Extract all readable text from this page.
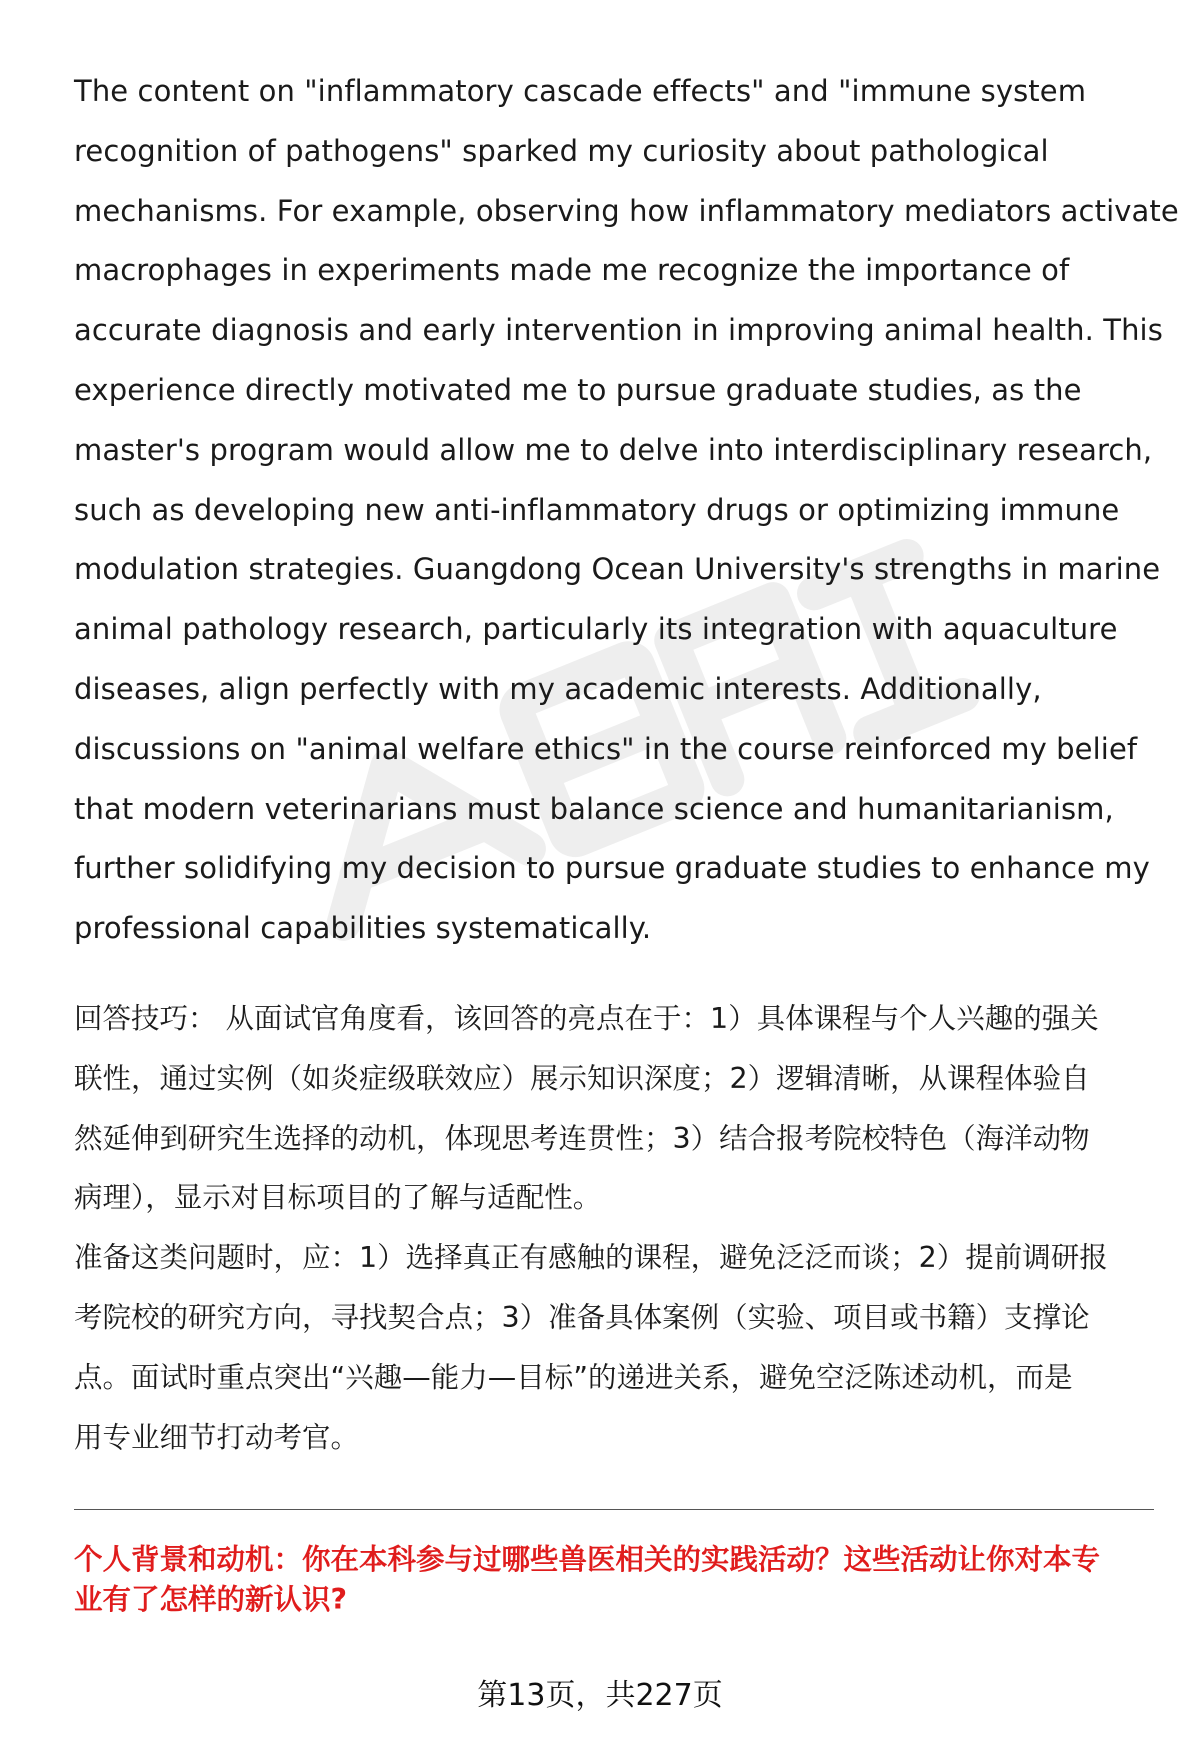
The content on "inflammatory cascade effects" and "immune system
recognition of pathogens" sparked my curiosity about pathological
mechanisms. For example, observing how inflammatory mediators activate
macrophages in experiments made me recognize the importance of
accurate diagnosis and early intervention in improving animal health. This
experience directly motivated me to pursue graduate studies, as the
master's program would allow me to delve into interdisciplinary research,
such as developing new anti-inflammatory drugs or optimizing immune
modulation strategies. Guangdong Ocean University's strengths in marine
animal pathology research, particularly its integration with aquaculture
diseases, align perfectly with my academic interests. Additionally,
discussions on "animal welfare ethics" in the course reinforced my belief
that modern veterinarians must balance science and humanitarianism,
further solidifying my decision to pursue graduate studies to enhance my
professional capabilities systematically.
回答技巧： 从面试官角度看，该回答的亮点在于：1）具体课程与个人兴趣的强关
联性，通过实例（如炎症级联效应）展示知识深度；2）逻辑清晰，从课程体验自
然延伸到研究生选择的动机，体现思考连贯性；3）结合报考院校特色（海洋动物
病理），显示对目标项目的了解与适配性。
准备这类问题时，应：1）选择真正有感触的课程，避免泛泛而谈；2）提前调研报
考院校的研究方向，寻找契合点；3）准备具体案例（实验、项目或书籍）支撑论
点。面试时重点突出“兴趣—能力—目标”的递进关系，避免空泛陈述动机，而是
用专业细节打动考官。
个人背景和动机：你在本科参与过哪些兽医相关的实践活动？这些活动让你对本专
业有了怎样的新认识?
第13页，共227页
